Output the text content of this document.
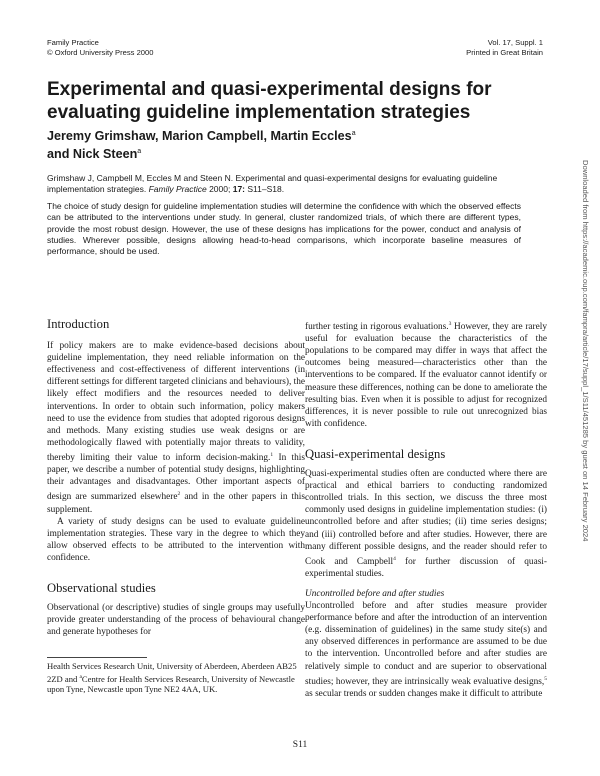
Family Practice
© Oxford University Press 2000
Vol. 17, Suppl. 1
Printed in Great Britain
Experimental and quasi-experimental designs for evaluating guideline implementation strategies
Jeremy Grimshaw, Marion Campbell, Martin Eccles$^a$
and Nick Steen$^a$
Grimshaw J, Campbell M, Eccles M and Steen N. Experimental and quasi-experimental designs for evaluating guideline implementation strategies. Family Practice 2000; 17: S11–S18.
The choice of study design for guideline implementation studies will determine the confidence with which the observed effects can be attributed to the interventions under study. In general, cluster randomized trials, of which there are different types, provide the most robust design. However, the use of these designs has implications for the power, conduct and analysis of studies. Wherever possible, designs allowing head-to-head comparisons, which incorporate baseline measures of performance, should be used.
Introduction

If policy makers are to make evidence-based decisions about guideline implementation, they need reliable information on the effectiveness and cost-effectiveness of different interventions (in different settings for different targeted clinicians and behaviours), the likely effect modifiers and the resources needed to deliver interventions. In order to obtain such information, policy makers need to use the evidence from studies that adopted rigorous designs and methods. Many existing studies use weak designs or are methodologically flawed with potentially major threats to validity, thereby limiting their value to inform decision-making.$^1$ In this paper, we describe a number of potential study designs, highlighting their advantages and disadvantages. Other important aspects of design are summarized elsewhere$^2$ and in the other papers in this supplement.

A variety of study designs can be used to evaluate guideline implementation strategies. These vary in the degree to which they allow observed effects to be attributed to the intervention with confidence.

Observational studies

Observational (or descriptive) studies of single groups may usefully provide greater understanding of the process of behavioural change and generate hypotheses for

further testing in rigorous evaluations.$^3$ However, they are rarely useful for evaluation because the characteristics of the populations to be compared may differ in ways that affect the outcomes being measured—characteristics other than the interventions to be compared. If the evaluator cannot identify or measure these differences, nothing can be done to ameliorate the resulting bias. Even when it is possible to adjust for recognized differences, it is never possible to rule out unrecognized bias with confidence.

Quasi-experimental designs

Quasi-experimental studies often are conducted where there are practical and ethical barriers to conducting randomized controlled trials. In this section, we discuss the three most commonly used designs in guideline implementation studies: (i) uncontrolled before and after studies; (ii) time series designs; and (iii) controlled before and after studies. However, there are many different possible designs, and the reader should refer to Cook and Campbell$^4$ for further discussion of quasi-experimental studies.

Uncontrolled before and after studies

Uncontrolled before and after studies measure provider performance before and after the introduction of an intervention (e.g. dissemination of guidelines) in the same study site(s) and any observed differences in performance are assumed to be due to the intervention. Uncontrolled before and after studies are relatively simple to conduct and are superior to observational studies; however, they are intrinsically weak evaluative designs,$^5$ as secular trends or sudden changes make it difficult to attribute

Health Services Research Unit, University of Aberdeen, Aberdeen AB25 2ZD and $^a$Centre for Health Services Research, University of Newcastle upon Tyne, Newcastle upon Tyne NE2 4AA, UK.
S11
Downloaded from https://academic.oup.com/fampra/article/17/suppl_1/S11/451285 by guest on 14 February 2024
